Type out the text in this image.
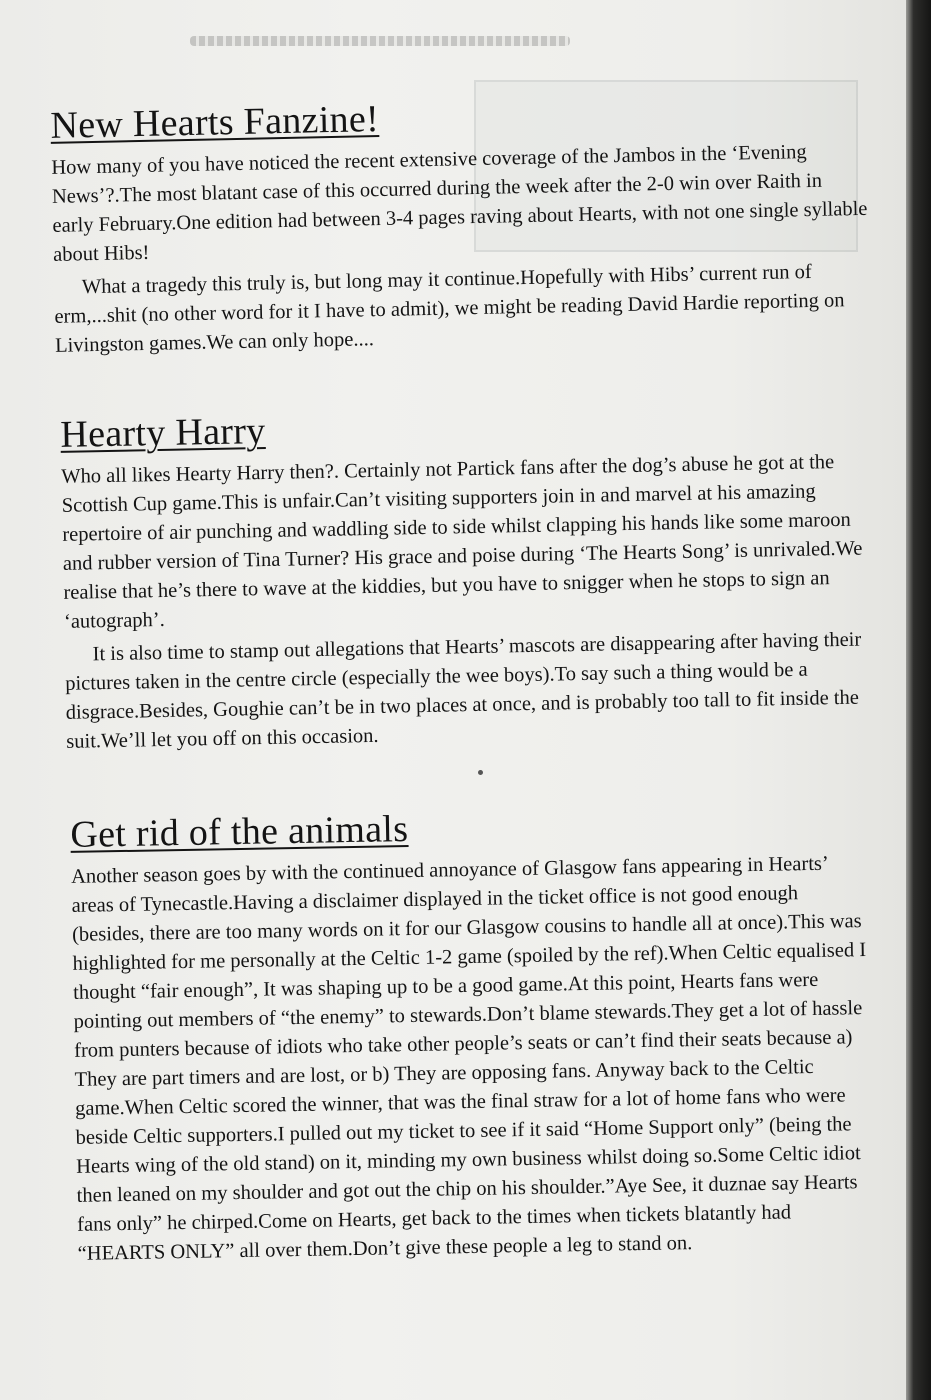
New Hearts Fanzine!

How many of you have noticed the recent extensive coverage of the Jambos in the ‘Evening News’?.The most blatant case of this occurred during the week after the 2-0 win over Raith in early February.One edition had between 3-4 pages raving about Hearts, with not one single syllable about Hibs!

What a tragedy this truly is, but long may it continue.Hopefully with Hibs’ current run of erm,...shit (no other word for it I have to admit), we might be reading David Hardie reporting on Livingston games.We can only hope....

Hearty Harry

Who all likes Hearty Harry then?. Certainly not Partick fans after the dog’s abuse he got at the Scottish Cup game.This is unfair.Can’t visiting supporters join in and marvel at his amazing repertoire of air punching and waddling side to side whilst clapping his hands like some maroon and rubber version of Tina Turner? His grace and poise during ‘The Hearts Song’ is unrivaled.We realise that he’s there to wave at the kiddies, but you have to snigger when he stops to sign an ‘autograph’.

It is also time to stamp out allegations that Hearts’ mascots are disappearing after having their pictures taken in the centre circle (especially the wee boys).To say such a thing would be a disgrace.Besides, Goughie can’t be in two places at once, and is probably too tall to fit inside the suit.We’ll let you off on this occasion.

Get rid of the animals

Another season goes by with the continued annoyance of Glasgow fans appearing in Hearts’ areas of Tynecastle.Having a disclaimer displayed in the ticket office is not good enough (besides, there are too many words on it for our Glasgow cousins to handle all at once).This was highlighted for me personally at the Celtic 1-2 game (spoiled by the ref).When Celtic equalised I thought “fair enough”, It was shaping up to be a good game.At this point, Hearts fans were pointing out members of “the enemy” to stewards.Don’t blame stewards.They get a lot of hassle from punters because of idiots who take other people’s seats or can’t find their seats because a) They are part timers and are lost, or b) They are opposing fans. Anyway back to the Celtic game.When Celtic scored the winner, that was the final straw for a lot of home fans who were beside Celtic supporters.I pulled out my ticket to see if it said “Home Support only” (being the Hearts wing of the old stand) on it, minding my own business whilst doing so.Some Celtic idiot then leaned on my shoulder and got out the chip on his shoulder.”Aye See, it duznae say Hearts fans only” he chirped.Come on Hearts, get back to the times when tickets blatantly had “HEARTS ONLY” all over them.Don’t give these people a leg to stand on.
